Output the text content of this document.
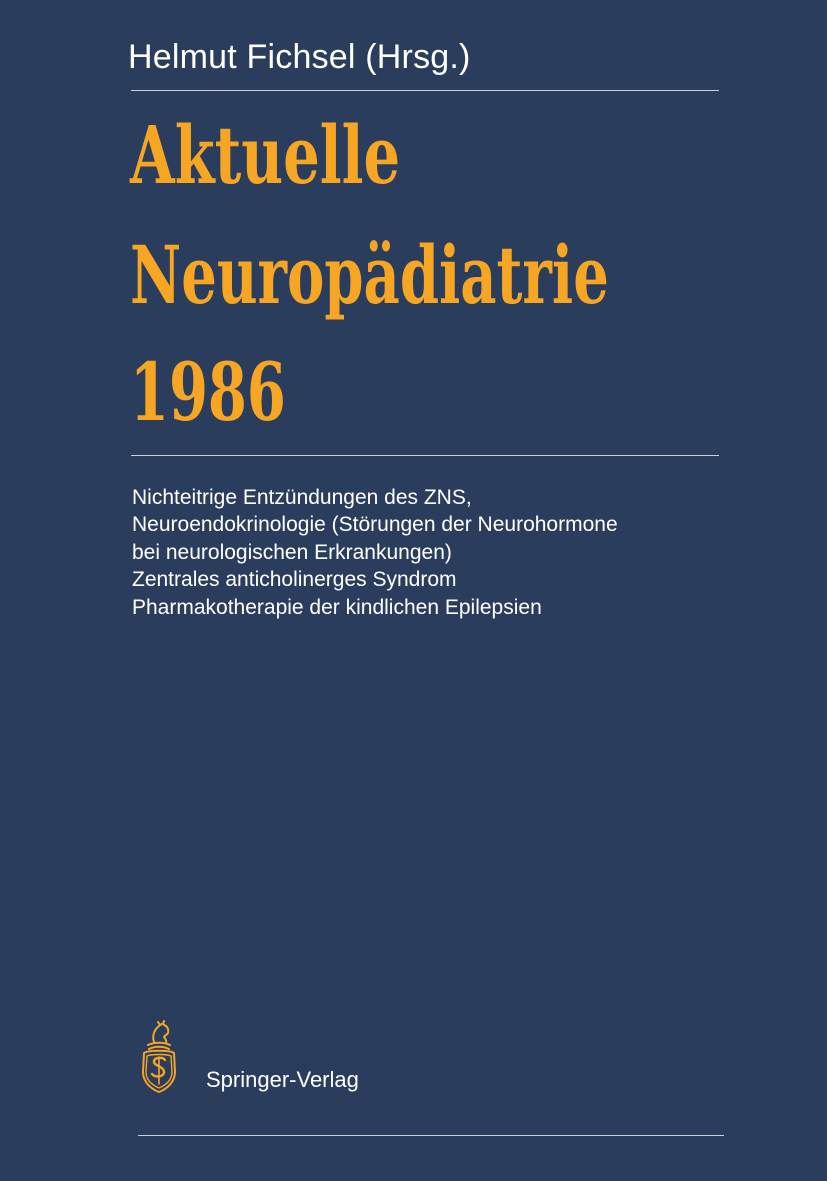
Helmut Fichsel (Hrsg.)
Aktuelle
Neuropädiatrie
1986
Nichteitrige Entzündungen des ZNS,
Neuroendokrinologie (Störungen der Neurohormone
bei neurologischen Erkrankungen)
Zentrales anticholinerges Syndrom
Pharmakotherapie der kindlichen Epilepsien
Springer-Verlag
